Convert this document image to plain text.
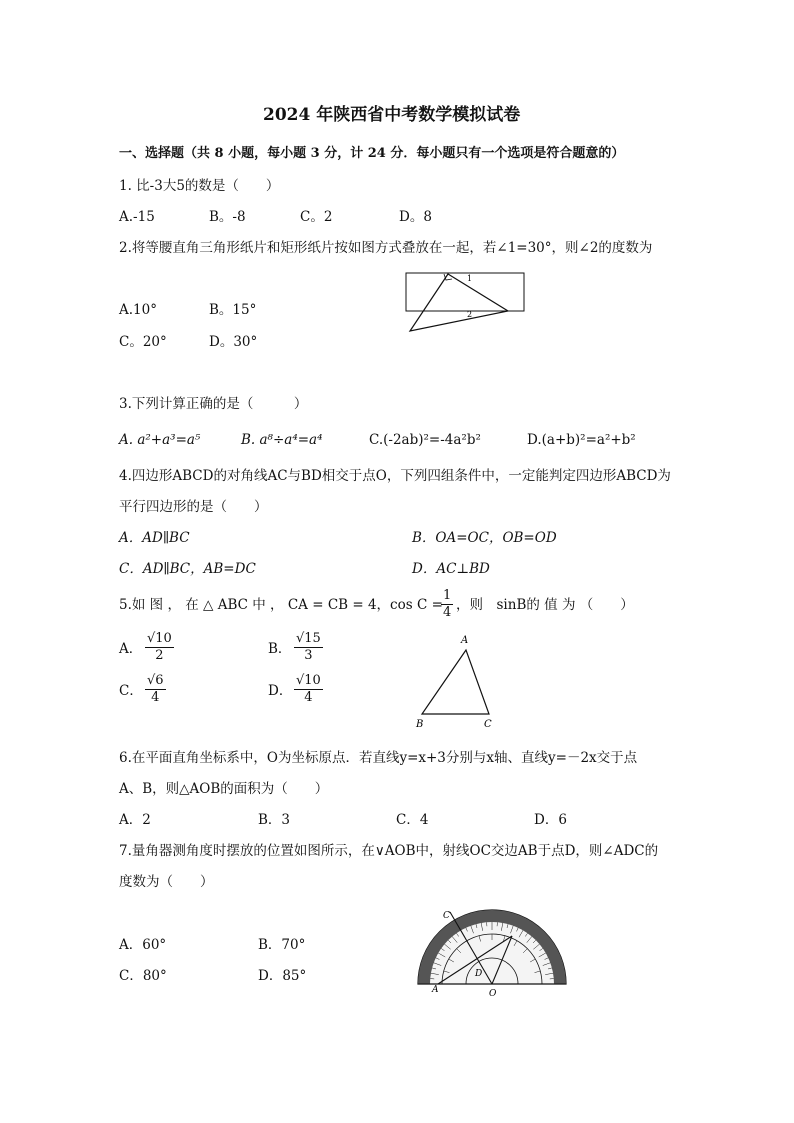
2024 年陕西省中考数学模拟试卷
一、选择题（共 8 小题，每小题 3 分，计 24 分．每小题只有一个选项是符合题意的）
1. 比-3大5的数是（　　）
A.-15	B。-8	C。2	D。8
2.将等腰直角三角形纸片和矩形纸片按如图方式叠放在一起，若∠1=30°，则∠2的度数为
A.10°	B。15°
C。20°	D。30°
1
2
3.下列计算正确的是（　　　）
A. a²+a³=a⁵	B. a⁸÷a⁴=a⁴	C.(-2ab)²=-4a²b²	D.(a+b)²=a²+b²
4.四边形ABCD的对角线AC与BD相交于点O，下列四组条件中，一定能判定四边形ABCD为
平行四边形的是（　　）
A．AD∥BC	B．OA=OC，OB=OD
C．AD∥BC，AB=DC	D．AC⊥BD
5.如 图 ， 在 △ ABC 中 ， CA = CB = 4，cos C =
$\frac{1}{4}$ ，则　sinB的 值 为 （　　）
A． $\frac{√10}{2}$	B． $\frac{√15}{3}$
C． $\frac{√6}{4}$	D． $\frac{√10}{4}$
A
B	C
6.在平面直角坐标系中，O为坐标原点．若直线y=x+3分别与x轴、直线y=－2x交于点
A、B，则△AOB的面积为（　　）
A．2	B．3	C．4	D．6
7.量角器测角度时摆放的位置如图所示，在∨AOB中，射线OC交边AB于点D，则∠ADC的
度数为（　　）
A．60°	B．70°
C．80°	D．85°
C
D
A	O
